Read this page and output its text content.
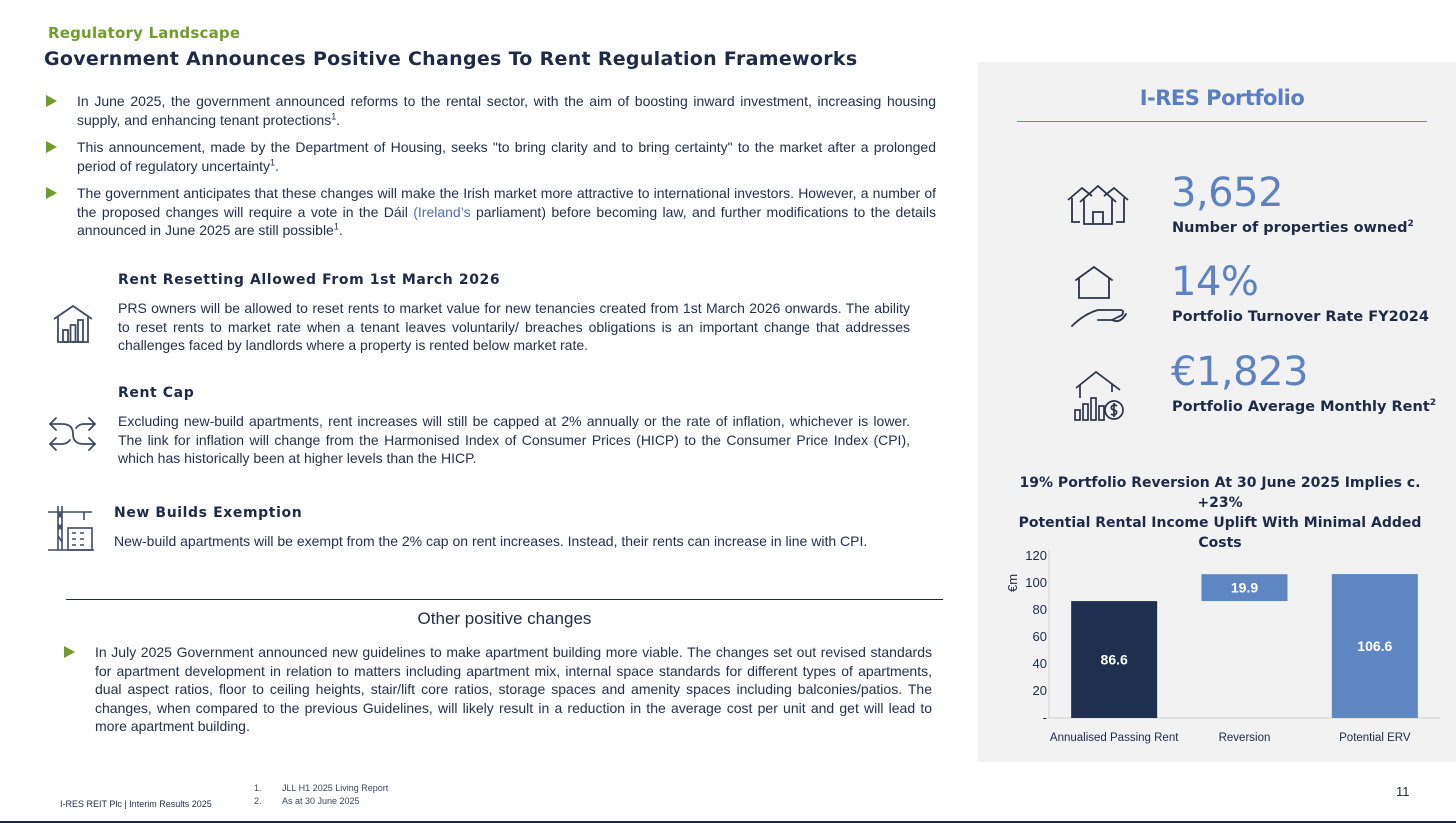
Regulatory Landscape
Government Announces Positive Changes To Rent Regulation Frameworks
In June 2025, the government announced reforms to the rental sector, with the aim of boosting inward investment, increasing housing supply, and enhancing tenant protections$^1$.
This announcement, made by the Department of Housing, seeks "to bring clarity and to bring certainty" to the market after a prolonged period of regulatory uncertainty$^1$.
The government anticipates that these changes will make the Irish market more attractive to international investors. However, a number of the proposed changes will require a vote in the Dáil (Ireland’s parliament) before becoming law, and further modifications to the details announced in June 2025 are still possible$^1$.
Rent Resetting Allowed From 1st March 2026
PRS owners will be allowed to reset rents to market value for new tenancies created from 1st March 2026 onwards. The ability to reset rents to market rate when a tenant leaves voluntarily/ breaches obligations is an important change that addresses challenges faced by landlords where a property is rented below market rate.
Rent Cap
Excluding new-build apartments, rent increases will still be capped at 2% annually or the rate of inflation, whichever is lower. The link for inflation will change from the Harmonised Index of Consumer Prices (HICP) to the Consumer Price Index (CPI), which has historically been at higher levels than the HICP.
New Builds Exemption
New-build apartments will be exempt from the 2% cap on rent increases. Instead, their rents can increase in line with CPI.
Other positive changes
In July 2025 Government announced new guidelines to make apartment building more viable. The changes set out revised standards for apartment development in relation to matters including apartment mix, internal space standards for different types of apartments, dual aspect ratios, floor to ceiling heights, stair/lift core ratios, storage spaces and amenity spaces including balconies/patios. The changes, when compared to the previous Guidelines, will likely result in a reduction in the average cost per unit and get will lead to more apartment building.
I-RES Portfolio
3,652
Number of properties owned$^2$
14%
Portfolio Turnover Rate FY2024
€1,823
Portfolio Average Monthly Rent$^2$
19% Portfolio Reversion At 30 June 2025 Implies c. +23%
Potential Rental Income Uplift With Minimal Added Costs
-
20
40
60
80
100
120
€m
86.6
Annualised Passing Rent
19.9
Reversion
106.6
Potential ERV
I-RES REIT Plc | Interim Results 2025
1. JLL H1 2025 Living Report
2. As at 30 June 2025
11
